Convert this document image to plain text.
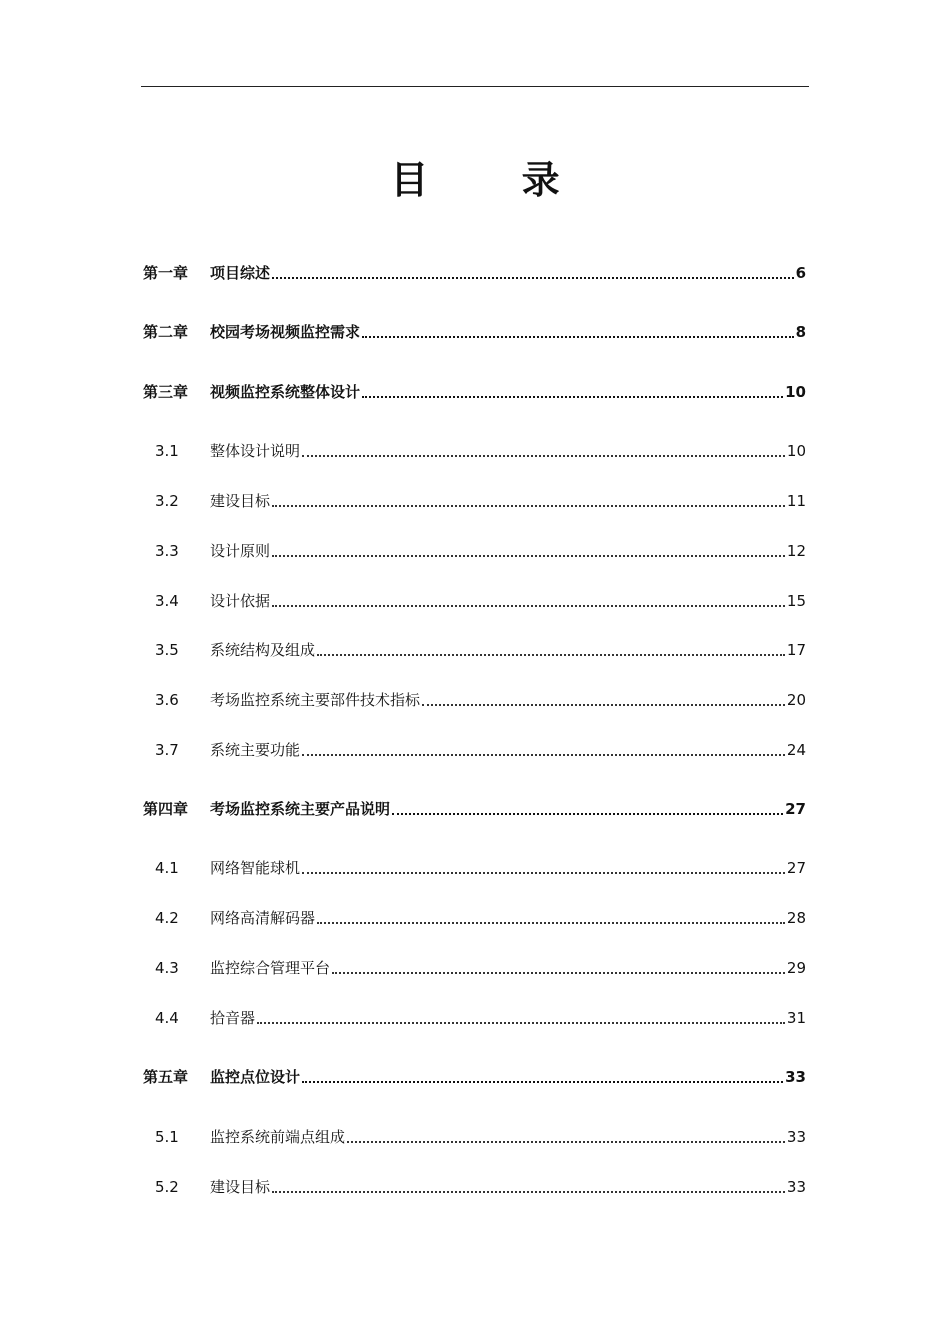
目 录
第一章	项目综述	6
第二章	校园考场视频监控需求	8
第三章	视频监控系统整体设计	10
3.1	整体设计说明	10
3.2	建设目标	11
3.3	设计原则	12
3.4	设计依据	15
3.5	系统结构及组成	17
3.6	考场监控系统主要部件技术指标	20
3.7	系统主要功能	24
第四章	考场监控系统主要产品说明	27
4.1	网络智能球机	27
4.2	网络高清解码器	28
4.3	监控综合管理平台	29
4.4	拾音器	31
第五章	监控点位设计	33
5.1	监控系统前端点组成	33
5.2	建设目标	33
